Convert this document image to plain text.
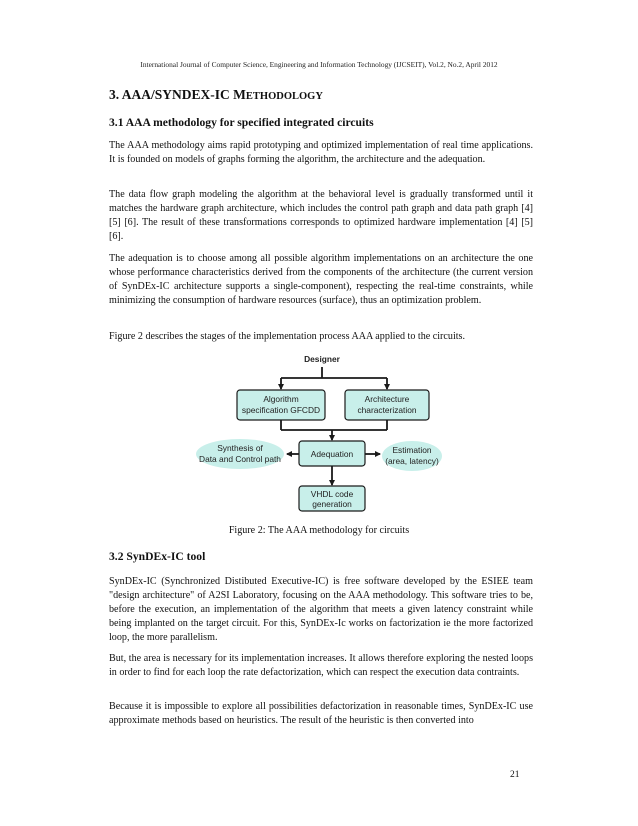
International Journal of Computer Science, Engineering and Information Technology (IJCSEIT), Vol.2, No.2, April 2012
3. AAA/SYNDEX-IC METHODOLOGY
3.1 AAA methodology for specified integrated circuits

The AAA methodology aims rapid prototyping and optimized implementation of real time applications. It is founded on models of graphs forming the algorithm, the architecture and the adequation.

The data flow graph modeling the algorithm at the behavioral level is gradually transformed until it matches the hardware graph architecture, which includes the control path graph and data path graph [4] [5] [6]. The result of these transformations corresponds to optimized hardware implementation [4] [5] [6].

The adequation is to choose among all possible algorithm implementations on an architecture the one whose performance characteristics derived from the components of the architecture (the current version of SynDEx-IC architecture supports a single-component), respecting the real-time constraints, while minimizing the consumption of hardware resources (surface), thus an optimization problem.

Figure 2 describes the stages of the implementation process AAA applied to the circuits.

Designer
Algorithm
specification GFCDD
Architecture
characterization
Synthesis of
Data and Control path	Adequation	Estimation
(area, latency)
VHDL code
generation
Figure 2: The AAA methodology for circuits
3.2 SynDEx-IC tool

SynDEx-IC (Synchronized Distibuted Executive-IC) is free software developed by the ESIEE team "design architecture" of A2SI Laboratory, focusing on the AAA methodology. This software tries to be, before the execution, an implementation of the algorithm that meets a given latency constraint while being implanted on the target circuit. For this, SynDEx-Ic works on factorization ie the more factorized loop, the more parallelism.

But, the area is necessary for its implementation increases. It allows therefore exploring the nested loops in order to find for each loop the rate defactorization, which can respect the execution data contraints.

Because it is impossible to explore all possibilities defactorization in reasonable times, SynDEx-IC use approximate methods based on heuristics. The result of the heuristic is then converted into

21
